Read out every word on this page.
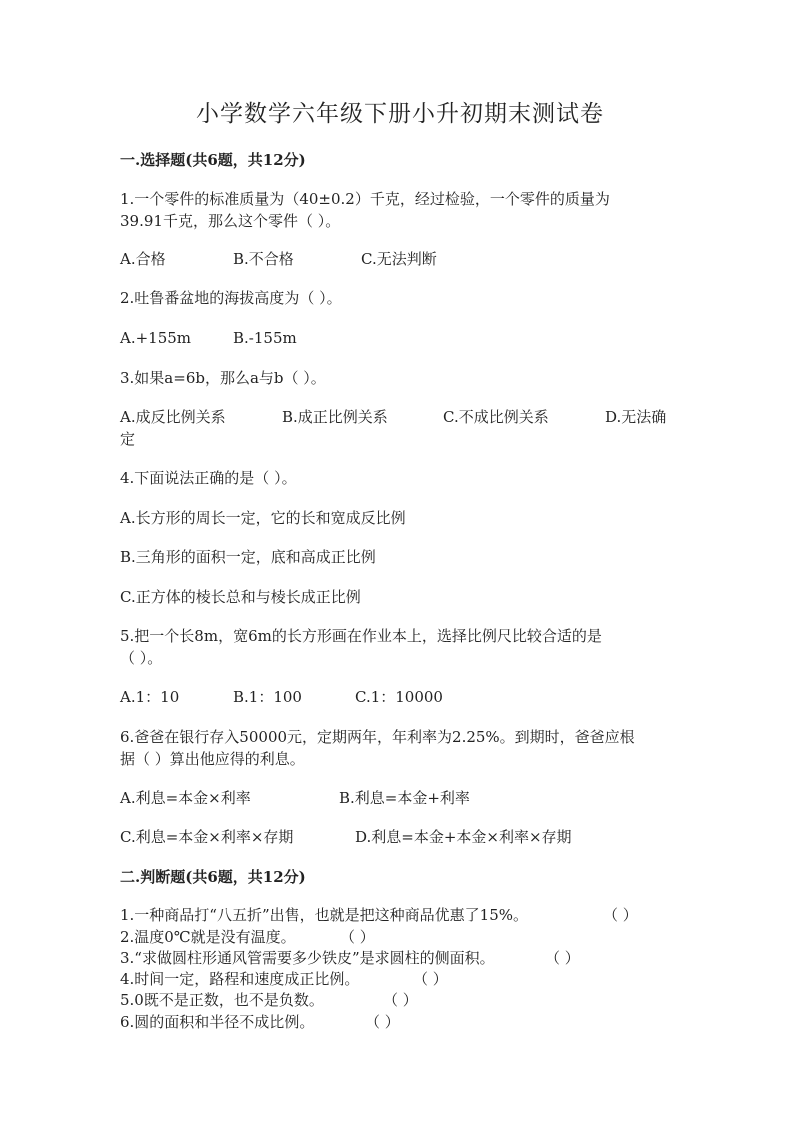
小学数学六年级下册小升初期末测试卷
一.选择题(共6题，共12分)
1.一个零件的标准质量为（40±0.2）千克，经过检验，一个零件的质量为
39.91千克，那么这个零件（ ）。
A.合格	B.不合格	C.无法判断
2.吐鲁番盆地的海拔高度为（ ）。
A.+155m	B.-155m
3.如果a=6b，那么a与b（ ）。
A.成反比例关系	B.成正比例关系	C.不成比例关系	D.无法确
定
4.下面说法正确的是（ ）。
A.长方形的周长一定，它的长和宽成反比例
B.三角形的面积一定，底和高成正比例
C.正方体的棱长总和与棱长成正比例
5.把一个长8m，宽6m的长方形画在作业本上，选择比例尺比较合适的是
（ ）。
A.1：10	B.1：100	C.1：10000
6.爸爸在银行存入50000元，定期两年，年利率为2.25%。到期时，爸爸应根
据（ ）算出他应得的利息。
A.利息=本金×利率	B.利息=本金+利率
C.利息=本金×利率×存期	D.利息=本金+本金×利率×存期
二.判断题(共6题，共12分)
1.一种商品打“八五折”出售，也就是把这种商品优惠了15%。	（ ）
2.温度0℃就是没有温度。	（ ）
3.“求做圆柱形通风管需要多少铁皮”是求圆柱的侧面积。	（ ）
4.时间一定，路程和速度成正比例。	（ ）
5.0既不是正数，也不是负数。	（ ）
6.圆的面积和半径不成比例。	（ ）
